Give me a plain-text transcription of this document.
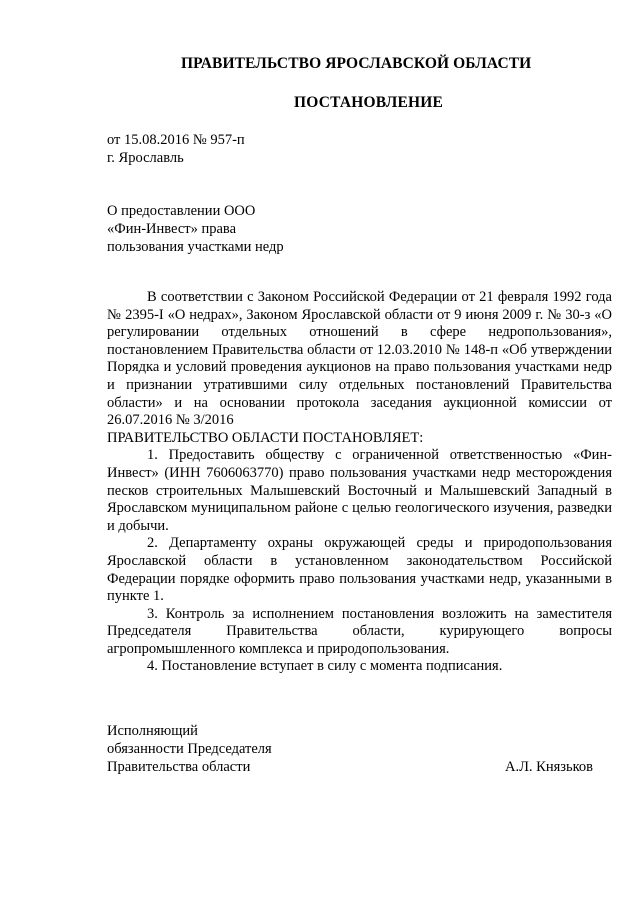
ПРАВИТЕЛЬСТВО ЯРОСЛАВСКОЙ ОБЛАСТИ
ПОСТАНОВЛЕНИЕ
от 15.08.2016 № 957-п
г. Ярославль
О предоставлении ООО
«Фин-Инвест» права
пользования участками недр

В соответствии с Законом Российской Федерации от 21 февраля 1992 года № 2395-I «О недрах», Законом Ярославской области от 9 июня 2009 г. № 30-з «О регулировании отдельных отношений в сфере недропользования», постановлением Правительства области от 12.03.2010 № 148-п «Об утверждении Порядка и условий проведения аукционов на право пользования участками недр и признании утратившими силу отдельных постановлений Правительства области» и на основании протокола заседания аукционной комиссии от 26.07.2016 № 3/2016

ПРАВИТЕЛЬСТВО ОБЛАСТИ ПОСТАНОВЛЯЕТ:

1. Предоставить обществу с ограниченной ответственностью «Фин-Инвест» (ИНН 7606063770) право пользования участками недр месторождения песков строительных Малышевский Восточный и Малышевский Западный в Ярославском муниципальном районе с целью геологического изучения, разведки и добычи.

2. Департаменту охраны окружающей среды и природопользования Ярославской области в установленном законодательством Российской Федерации порядке оформить право пользования участками недр, указанными в пункте 1.

3. Контроль за исполнением постановления возложить на заместителя Председателя Правительства области, курирующего вопросы агропромышленного комплекса и природопользования.

4. Постановление вступает в силу с момента подписания.

Исполняющий
обязанности Председателя
Правительства области	А.Л. Князьков
